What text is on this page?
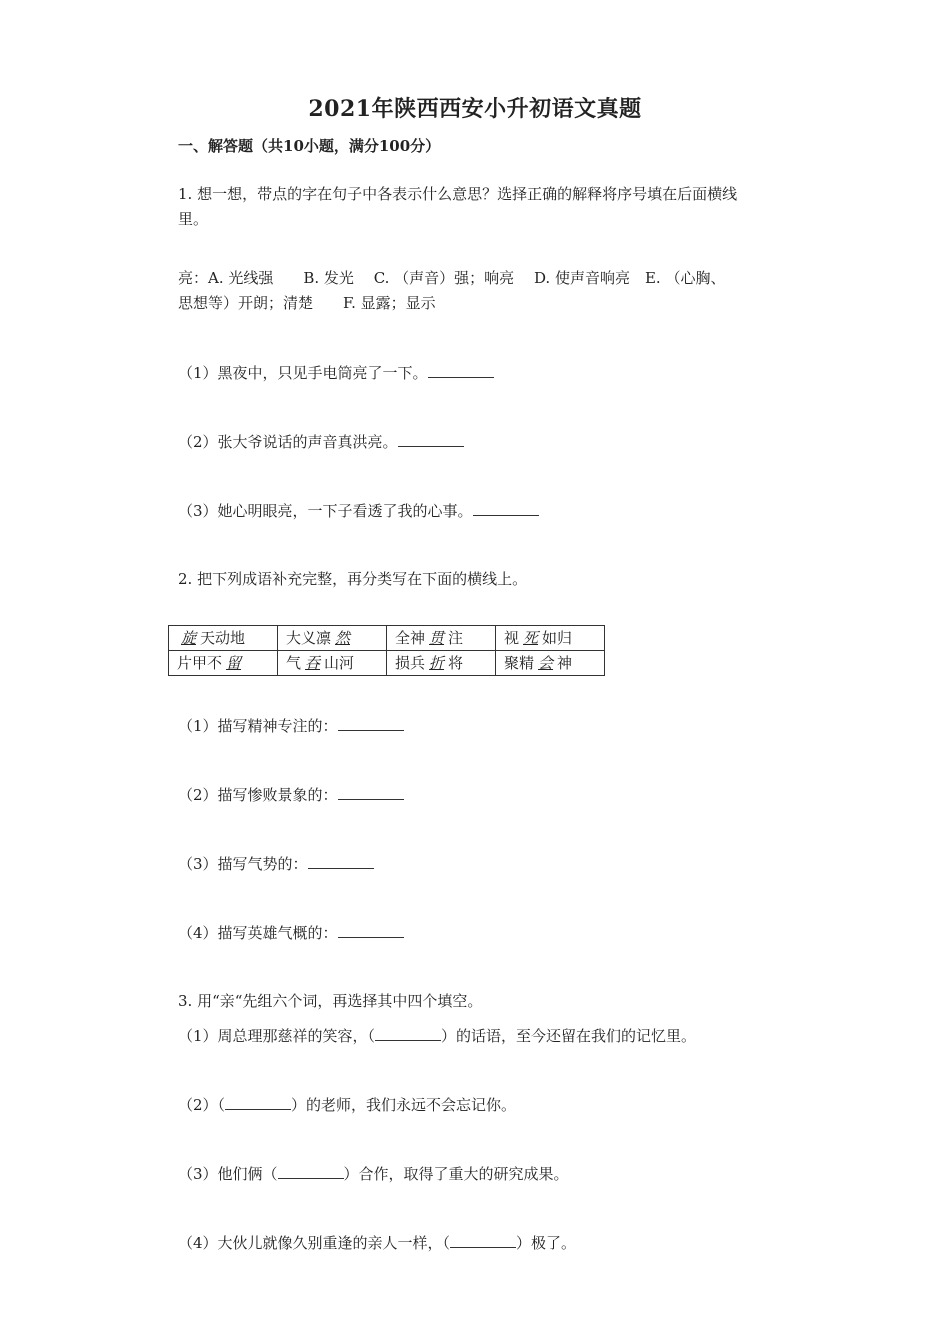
2021年陕西西安小升初语文真题
一、解答题（共10小题，满分100分）
1. 想一想，带点的字在句子中各表示什么意思？选择正确的解释将序号填在后面横线
里。
亮：A. 光线强　　B. 发光　 C. （声音）强；响亮　 D. 使声音响亮　E. （心胸、
思想等）开朗；清楚　　F. 显露；显示
（1）黑夜中，只见手电筒亮了一下。
（2）张大爷说话的声音真洪亮。
（3）她心明眼亮，一下子看透了我的心事。
2. 把下列成语补充完整，再分类写在下面的横线上。
旋 天动地	大义凛 然	全神 贯 注	视 死 如归
片甲不 留	气 吞 山河	损兵 折 将	聚精 会 神
（1）描写精神专注的：
（2）描写惨败景象的：
（3）描写气势的：
（4）描写英雄气概的：
3. 用“亲“先组六个词，再选择其中四个填空。
（1）周总理那慈祥的笑容，（	）的话语，至今还留在我们的记忆里。
（2）（	）的老师，我们永远不会忘记你。
（3）他们俩（	）合作，取得了重大的研究成果。
（4）大伙儿就像久别重逢的亲人一样，（	）极了。
